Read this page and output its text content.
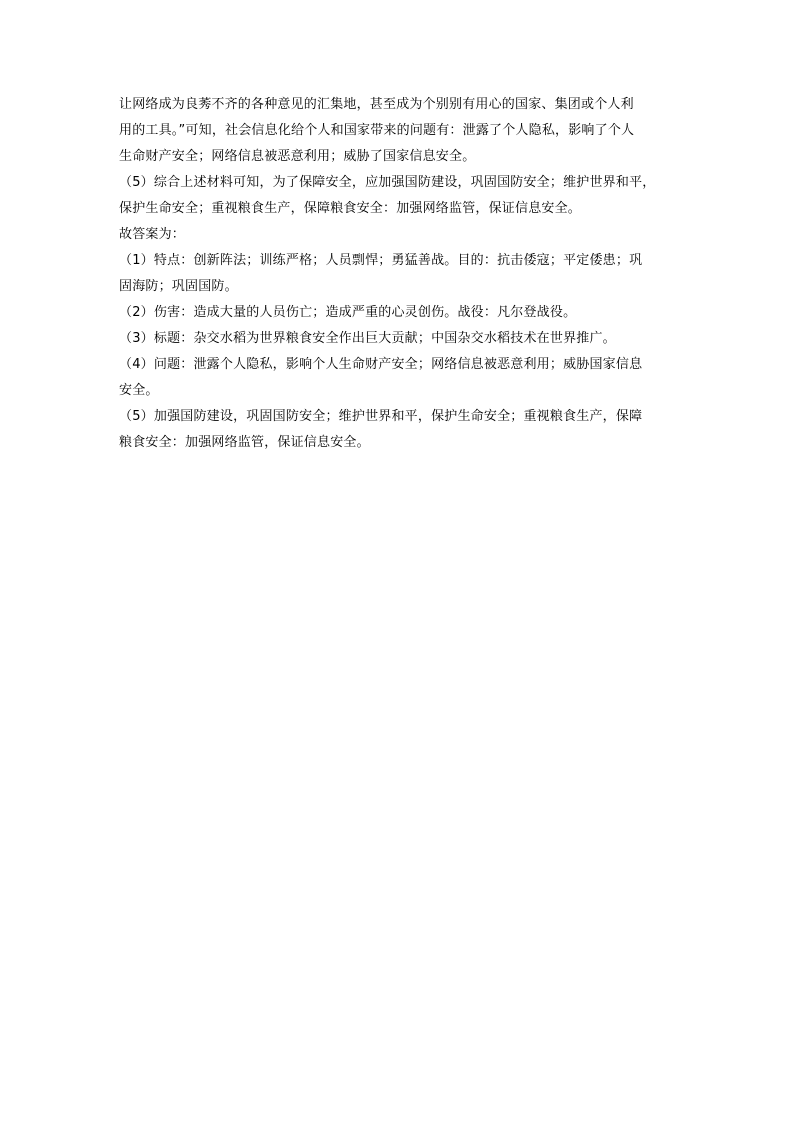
让网络成为良莠不齐的各种意见的汇集地，甚至成为个别别有用心的国家、集团或个人利
用的工具。”可知，社会信息化给个人和国家带来的问题有：泄露了个人隐私，影响了个人
生命财产安全；网络信息被恶意利用；威胁了国家信息安全。
（5）综合上述材料可知，为了保障安全，应加强国防建设，巩固国防安全；维护世界和平，
保护生命安全；重视粮食生产，保障粮食安全：加强网络监管，保证信息安全。
故答案为：
（1）特点：创新阵法；训练严格；人员剽悍；勇猛善战。目的：抗击倭寇；平定倭患；巩
固海防；巩固国防。
（2）伤害：造成大量的人员伤亡；造成严重的心灵创伤。战役：凡尔登战役。
（3）标题：杂交水稻为世界粮食安全作出巨大贡献；中国杂交水稻技术在世界推广。
（4）问题：泄露个人隐私，影响个人生命财产安全；网络信息被恶意利用；威胁国家信息
安全。
（5）加强国防建设，巩固国防安全；维护世界和平，保护生命安全；重视粮食生产，保障
粮食安全：加强网络监管，保证信息安全。
